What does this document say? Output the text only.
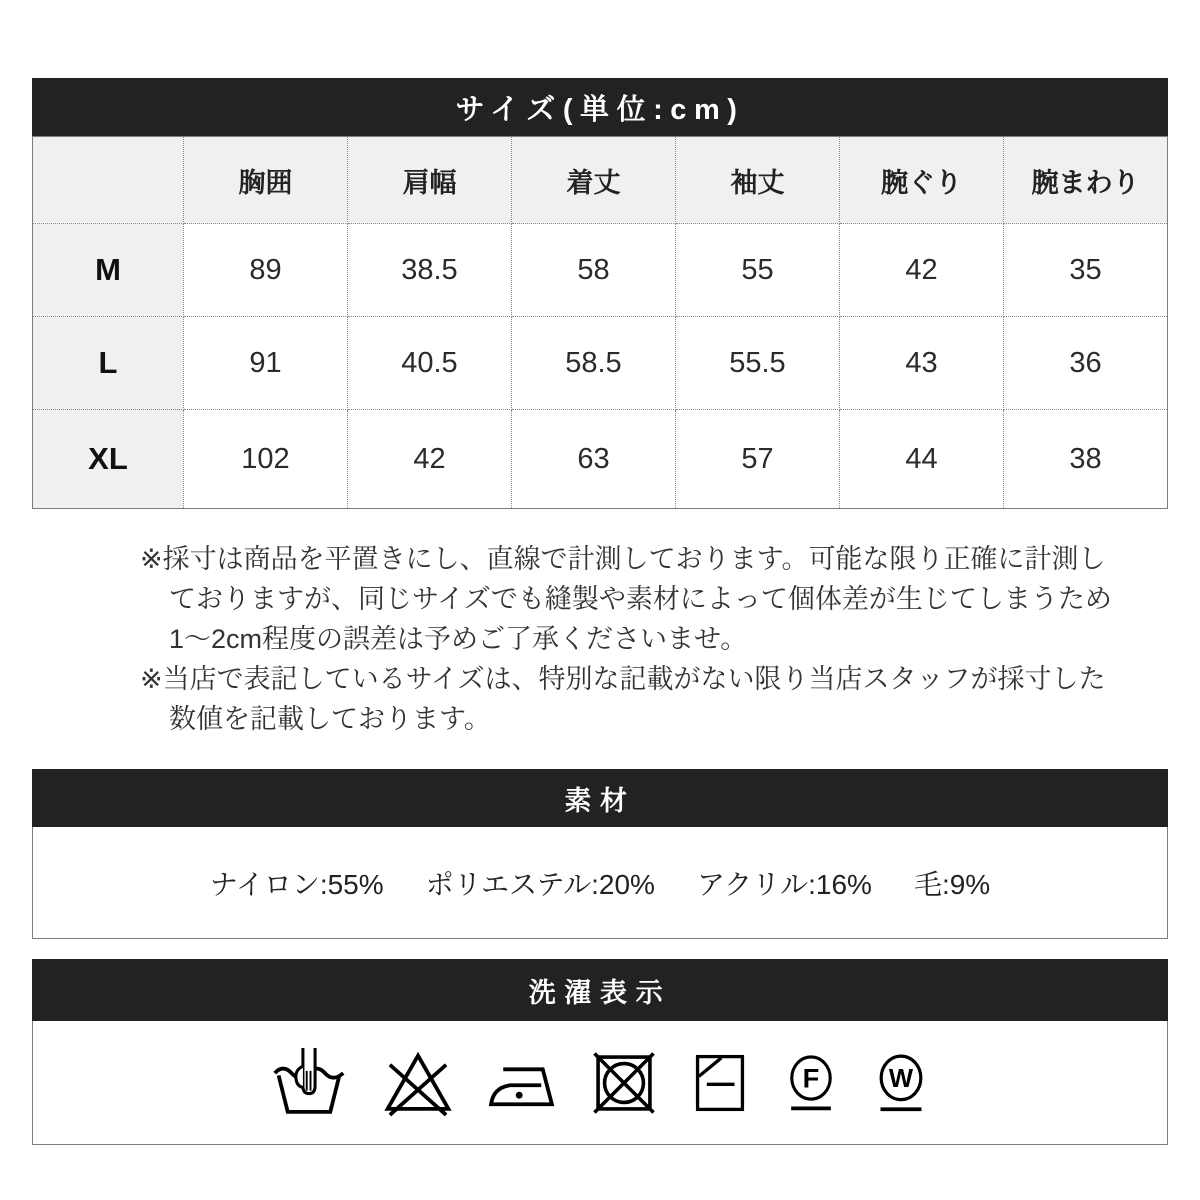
サイズ(単位:cm)
	胸囲	肩幅	着丈	袖丈	腕ぐり	腕まわり
M	89	38.5	58	55	42	35
L	91	40.5	58.5	55.5	43	36
XL	102	42	63	57	44	38

※採寸は商品を平置きにし、直線で計測しております。可能な限り正確に計測し

ておりますが、同じサイズでも縫製や素材によって個体差が生じてしまうため

1〜2cm程度の誤差は予めご了承くださいませ。

※当店で表記しているサイズは、特別な記載がない限り当店スタッフが採寸した

数値を記載しております。

素材
ナイロン:55% ポリエステル:20% アクリル:16% 毛:9%
洗濯表示
F W
